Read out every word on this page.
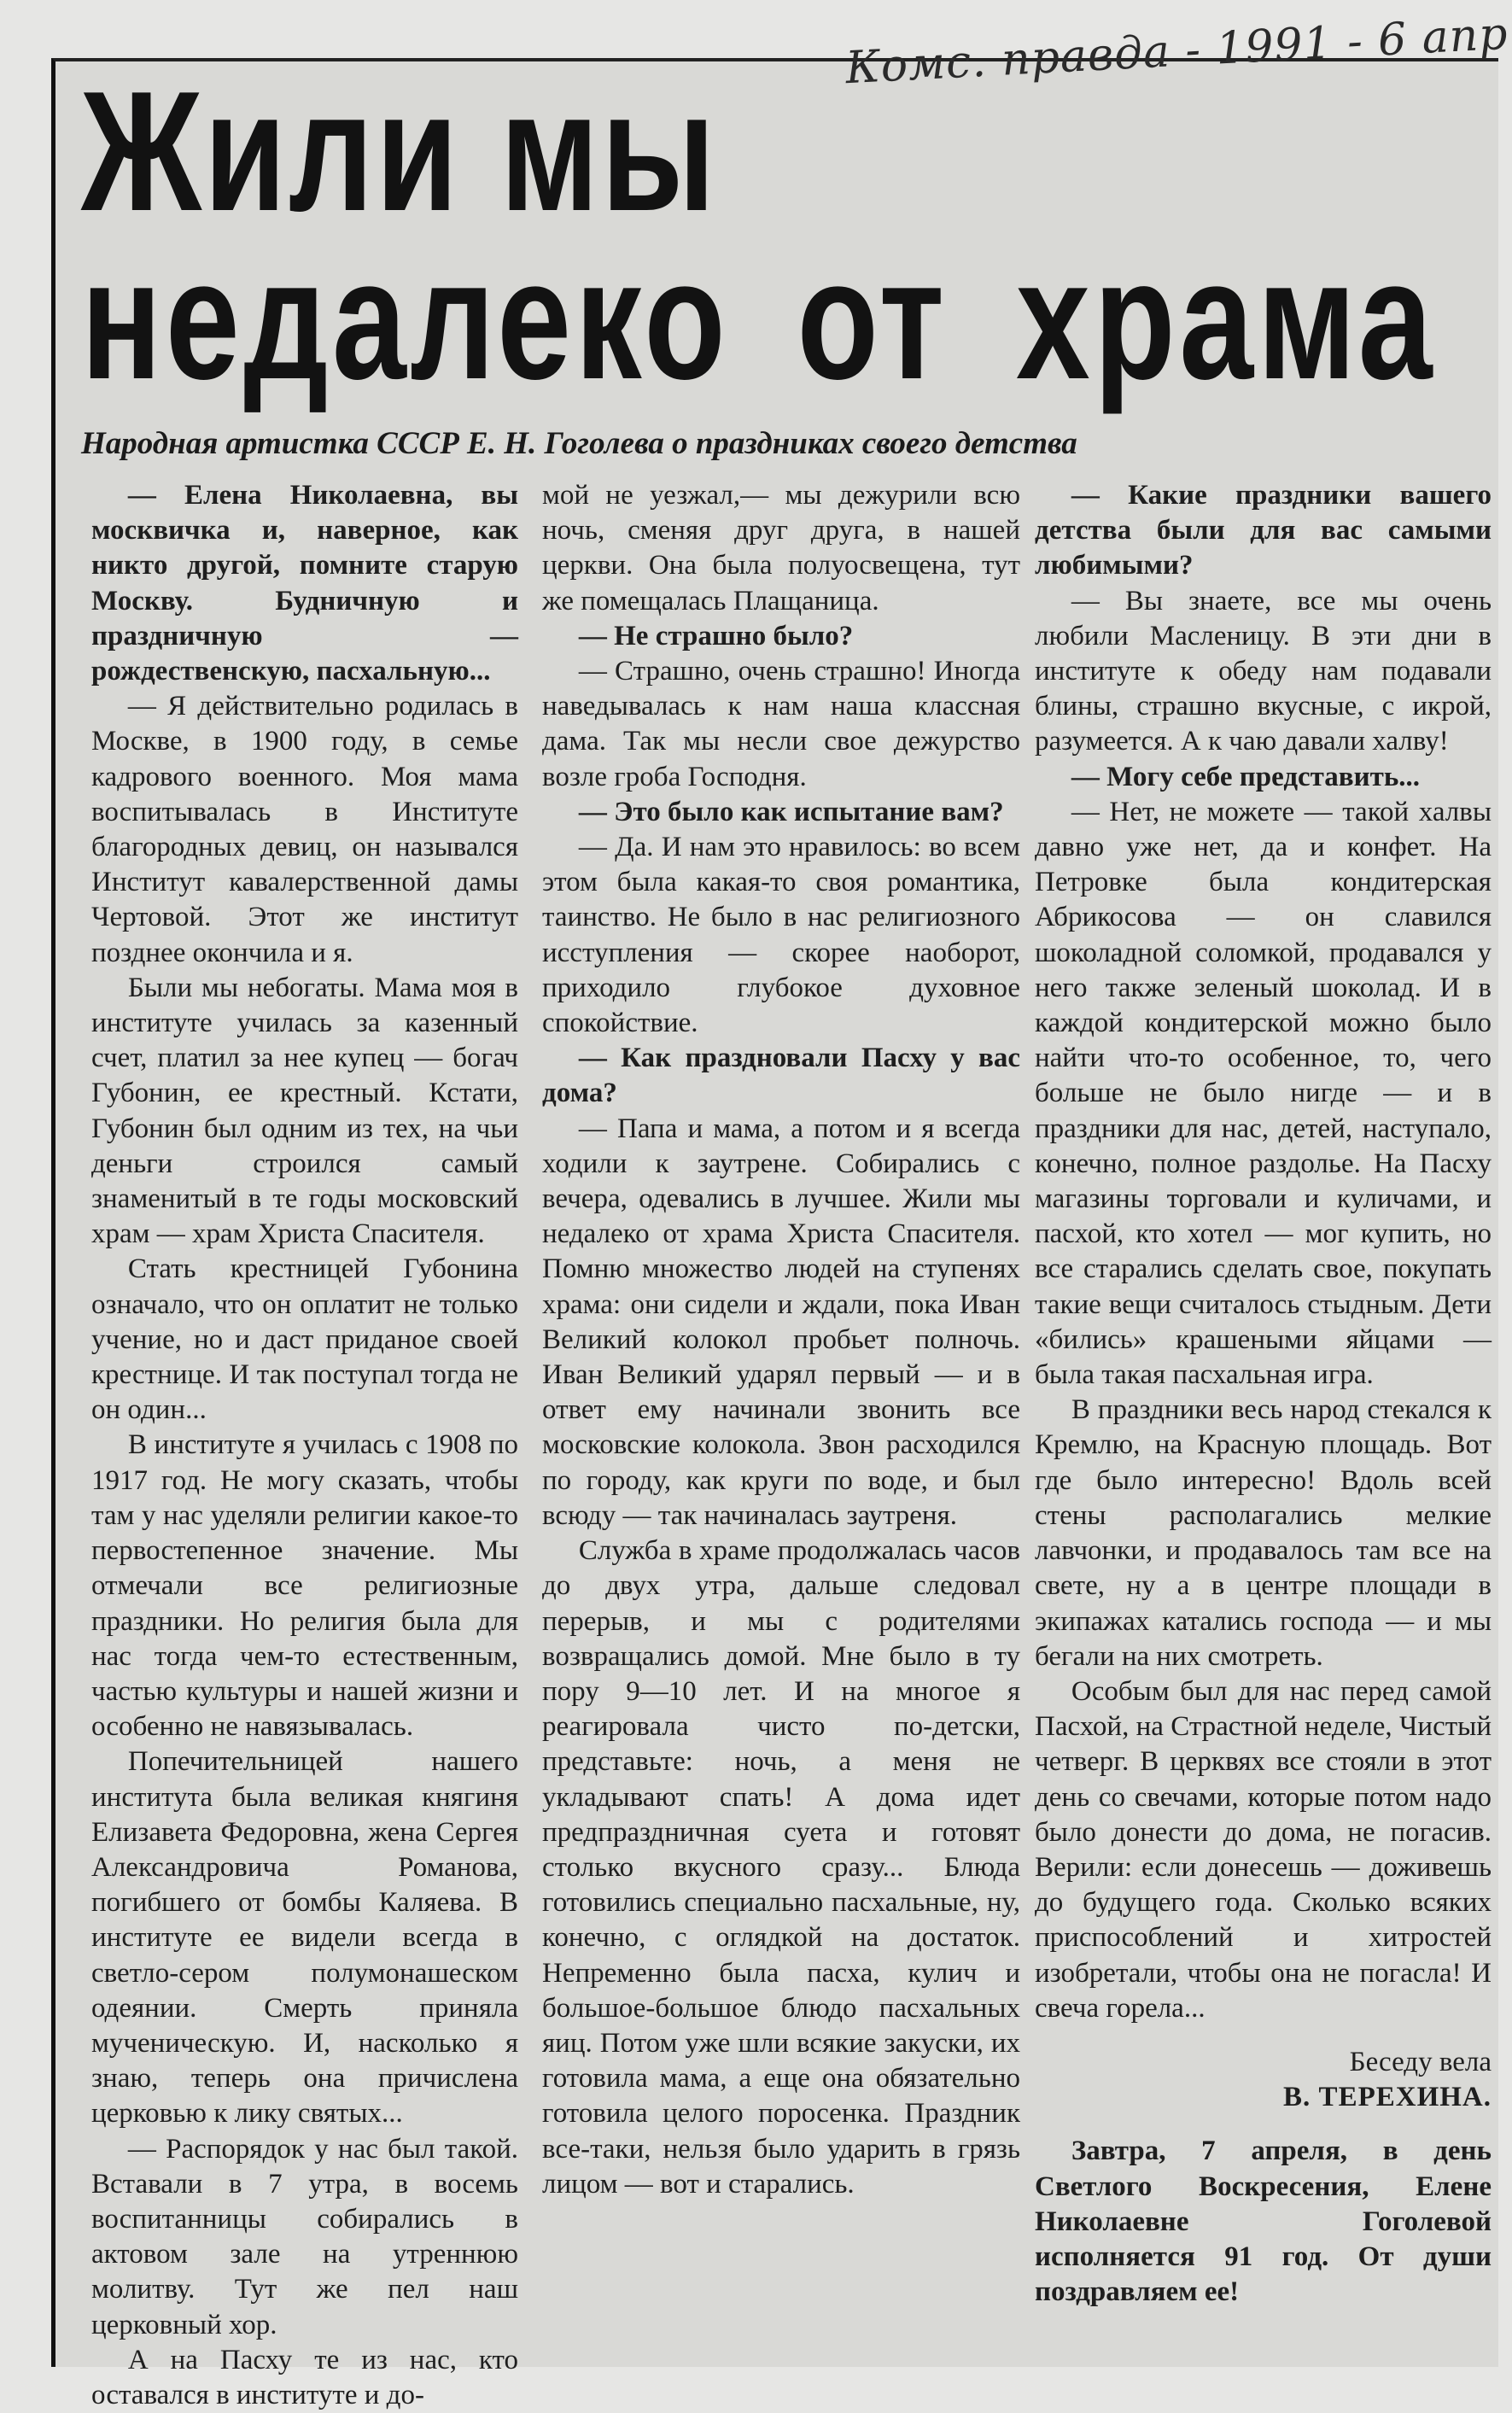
Комс. правда - 1991 - 6 апр
Жили мы
недалеко от храма
Народная артистка СССР Е. Н. Гоголева о праздниках своего детства

— Елена Николаевна, вы москвичка и, наверное, как никто другой, помните старую Москву. Будничную и праздничную — рождественскую, пасхальную...

— Я действительно родилась в Москве, в 1900 году, в семье кадрового военного. Моя мама воспитывалась в Институте благородных девиц, он назывался Институт кавалерственной дамы Чертовой. Этот же институт позднее окончила и я.

Были мы небогаты. Мама моя в институте училась за казенный счет, платил за нее купец — богач Губонин, ее крестный. Кстати, Губонин был одним из тех, на чьи деньги строился самый знаменитый в те годы московский храм — храм Христа Спасителя.

Стать крестницей Губонина означало, что он оплатит не только учение, но и даст приданое своей крестнице. И так поступал тогда не он один...

В институте я училась с 1908 по 1917 год. Не могу сказать, чтобы там у нас уделяли религии какое-то первостепенное значение. Мы отмечали все религиозные праздники. Но религия была для нас тогда чем-то естественным, частью культуры и нашей жизни и особенно не навязывалась.

Попечительницей нашего института была великая княгиня Елизавета Федоровна, жена Сергея Александровича Романова, погибшего от бомбы Каляева. В институте ее видели всегда в светло-сером полумонашеском одеянии. Смерть приняла мученическую. И, насколько я знаю, теперь она причислена церковью к лику святых...

— Распорядок у нас был такой. Вставали в 7 утра, в восемь воспитанницы собирались в актовом зале на утреннюю молитву. Тут же пел наш церковный хор.

А на Пасху те из нас, кто оставался в институте и до-

мой не уезжал,— мы дежурили всю ночь, сменяя друг друга, в нашей церкви. Она была полуосвещена, тут же помещалась Плащаница.

— Не страшно было?

— Страшно, очень страшно! Иногда наведывалась к нам наша классная дама. Так мы несли свое дежурство возле гроба Господня.

— Это было как испытание вам?

— Да. И нам это нравилось: во всем этом была какая-то своя романтика, таинство. Не было в нас религиозного исступления — скорее наоборот, приходило глубокое духовное спокойствие.

— Как праздновали Пасху у вас дома?

— Папа и мама, а потом и я всегда ходили к заутрене. Собирались с вечера, одевались в лучшее. Жили мы недалеко от храма Христа Спасителя. Помню множество людей на ступенях храма: они сидели и ждали, пока Иван Великий колокол пробьет полночь. Иван Великий ударял первый — и в ответ ему начинали звонить все московские колокола. Звон расходился по городу, как круги по воде, и был всюду — так начиналась заутреня.

Служба в храме продолжалась часов до двух утра, дальше следовал перерыв, и мы с родителями возвращались домой. Мне было в ту пору 9—10 лет. И на многое я реагировала чисто по-детски, представьте: ночь, а меня не укладывают спать! А дома идет предпраздничная суета и готовят столько вкусного сразу... Блюда готовились специально пасхальные, ну, конечно, с оглядкой на достаток. Непременно была пасха, кулич и большое-большое блюдо пасхальных яиц. Потом уже шли всякие закуски, их готовила мама, а еще она обязательно готовила целого поросенка. Праздник все-таки, нельзя было ударить в грязь лицом — вот и старались.

— Какие праздники вашего детства были для вас самыми любимыми?

— Вы знаете, все мы очень любили Масленицу. В эти дни в институте к обеду нам подавали блины, страшно вкусные, с икрой, разумеется. А к чаю давали халву!

— Могу себе представить...

— Нет, не можете — такой халвы давно уже нет, да и конфет. На Петровке была кондитерская Абрикосова — он славился шоколадной соломкой, продавался у него также зеленый шоколад. И в каждой кондитерской можно было найти что-то особенное, то, чего больше не было нигде — и в праздники для нас, детей, наступало, конечно, полное раздолье. На Пасху магазины торговали и куличами, и пасхой, кто хотел — мог купить, но все старались сделать свое, покупать такие вещи считалось стыдным. Дети «бились» крашеными яйцами — была такая пасхальная игра.

В праздники весь народ стекался к Кремлю, на Красную площадь. Вот где было интересно! Вдоль всей стены располагались мелкие лавчонки, и продавалось там все на свете, ну а в центре площади в экипажах катались господа — и мы бегали на них смотреть.

Особым был для нас перед самой Пасхой, на Страстной неделе, Чистый четверг. В церквях все стояли в этот день со свечами, которые потом надо было донести до дома, не погасив. Верили: если донесешь — доживешь до будущего года. Сколько всяких приспособлений и хитростей изобретали, чтобы она не погасла! И свеча горела...

Беседу вела
В. ТЕРЕХИНА.

Завтра, 7 апреля, в день Светлого Воскресения, Елене Николаевне Гоголевой исполняется 91 год. От души поздравляем ее!
